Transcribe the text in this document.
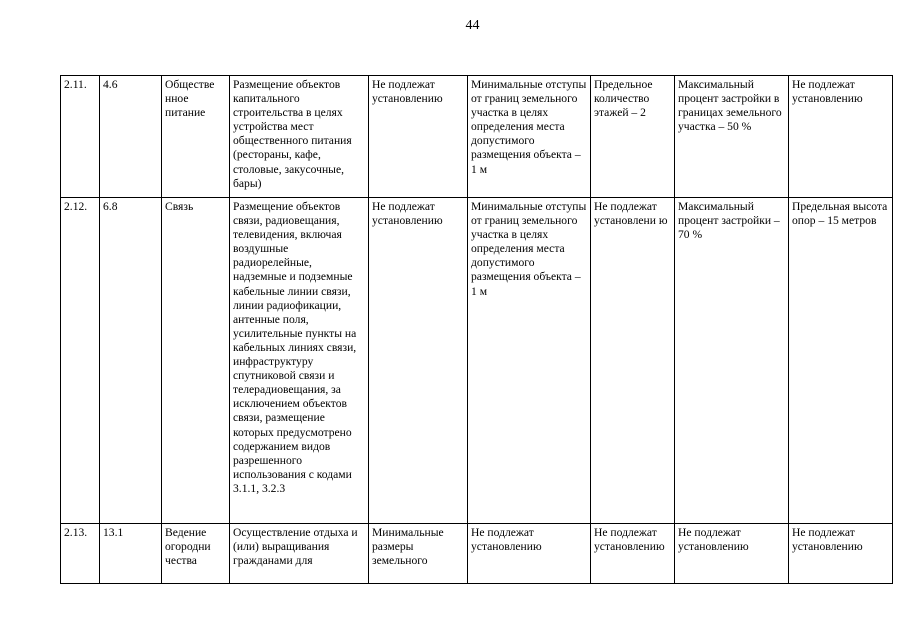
44
2.11.	4.6	Обществе нное питание	Размещение объектов капитального строительства в целях устройства мест общественного питания (рестораны, кафе, столовые, закусочные, бары)	Не подлежат установлению	Минимальные отступы от границ земельного участка в целях определения места допустимого размещения объекта – 1 м	Предельное количество этажей – 2	Максимальный процент застройки в границах земельного участка – 50 %	Не подлежат установлению
2.12.	6.8	Связь	Размещение объектов связи, радиовещания, телевидения, включая воздушные радиорелейные, надземные и подземные кабельные линии связи, линии радиофикации, антенные поля, усилительные пункты на кабельных линиях связи, инфраструктуру спутниковой связи и телерадиовещания, за исключением объектов связи, размещение которых предусмотрено содержанием видов разрешенного использования с кодами 3.1.1, 3.2.3	Не подлежат установлению	Минимальные отступы от границ земельного участка в целях определения места допустимого размещения объекта – 1 м	Не подлежат установлени ю	Максимальный процент застройки – 70 %	Предельная высота опор – 15 метров
2.13.	13.1	Ведение огородни чества	Осуществление отдыха и (или) выращивания гражданами для	Минимальные размеры земельного	Не подлежат установлению	Не подлежат установлению	Не подлежат установлению	Не подлежат установлению
